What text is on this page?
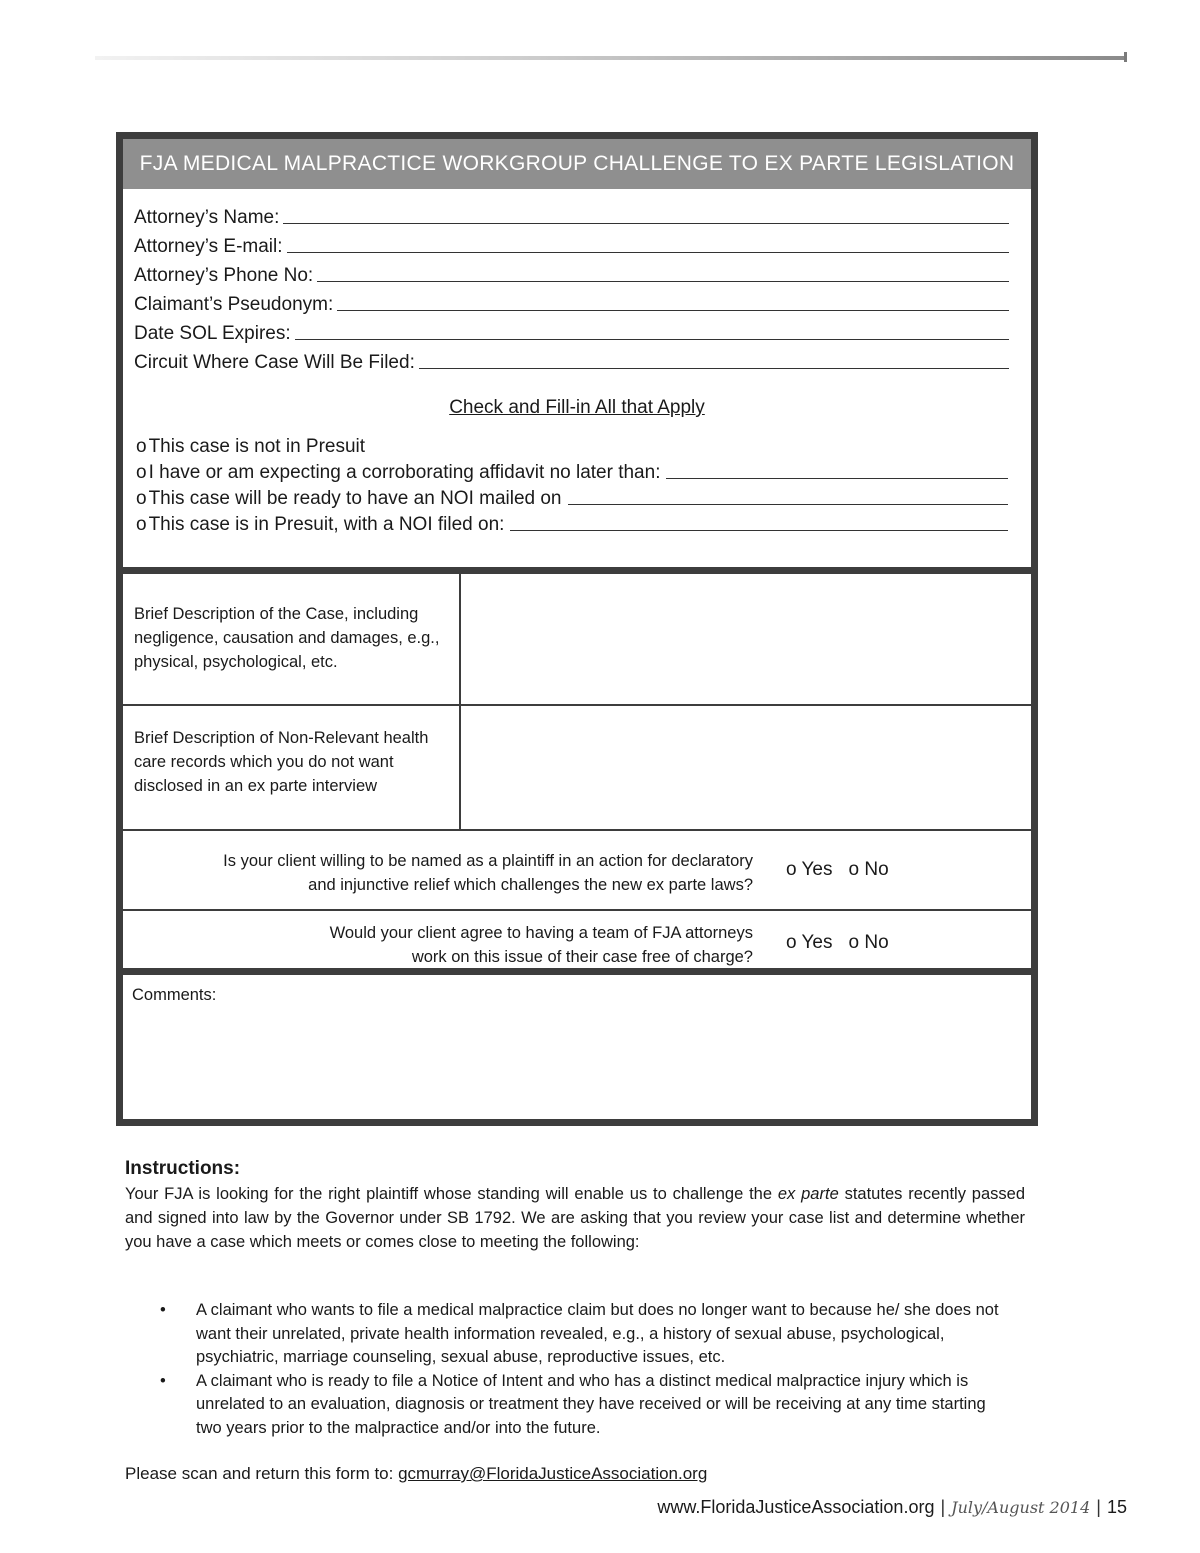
FJA MEDICAL MALPRACTICE WORKGROUP CHALLENGE TO EX PARTE LEGISLATION
Attorney’s Name:
Attorney’s E-mail:
Attorney’s Phone No:
Claimant’s Pseudonym:
Date SOL Expires:
Circuit Where Case Will Be Filed:
Check and Fill-in All that Apply
o This case is not in Presuit
o I have or am expecting a corroborating affidavit no later than:
o This case will be ready to have an NOI mailed on
o This case is in Presuit, with a NOI filed on:
Brief Description of the Case, including negligence, causation and damages, e.g., physical, psychological, etc.
Brief Description of Non-Relevant health care records which you do not want disclosed in an ex parte interview
Is your client willing to be named as a plaintiff in an action for declaratory
and injunctive relief which challenges the new ex parte laws?
o Yes o No
Would your client agree to having a team of FJA attorneys
work on this issue of their case free of charge?
o Yes o No
Comments:
Instructions:
Your FJA is looking for the right plaintiff whose standing will enable us to challenge the ex parte statutes recently passed and signed into law by the Governor under SB 1792. We are asking that you review your case list and determine whether you have a case which meets or comes close to meeting the following:
•	A claimant who wants to file a medical malpractice claim but does no longer want to because he/ she does not want their unrelated, private health information revealed, e.g., a history of sexual abuse, psychological, psychiatric, marriage counseling, sexual abuse, reproductive issues, etc.
•	A claimant who is ready to file a Notice of Intent and who has a distinct medical malpractice injury which is unrelated to an evaluation, diagnosis or treatment they have received or will be receiving at any time starting two years prior to the malpractice and/or into the future.
Please scan and return this form to: gcmurray@FloridaJusticeAssociation.org
www.FloridaJusticeAssociation.org | July/August 2014 | 15
